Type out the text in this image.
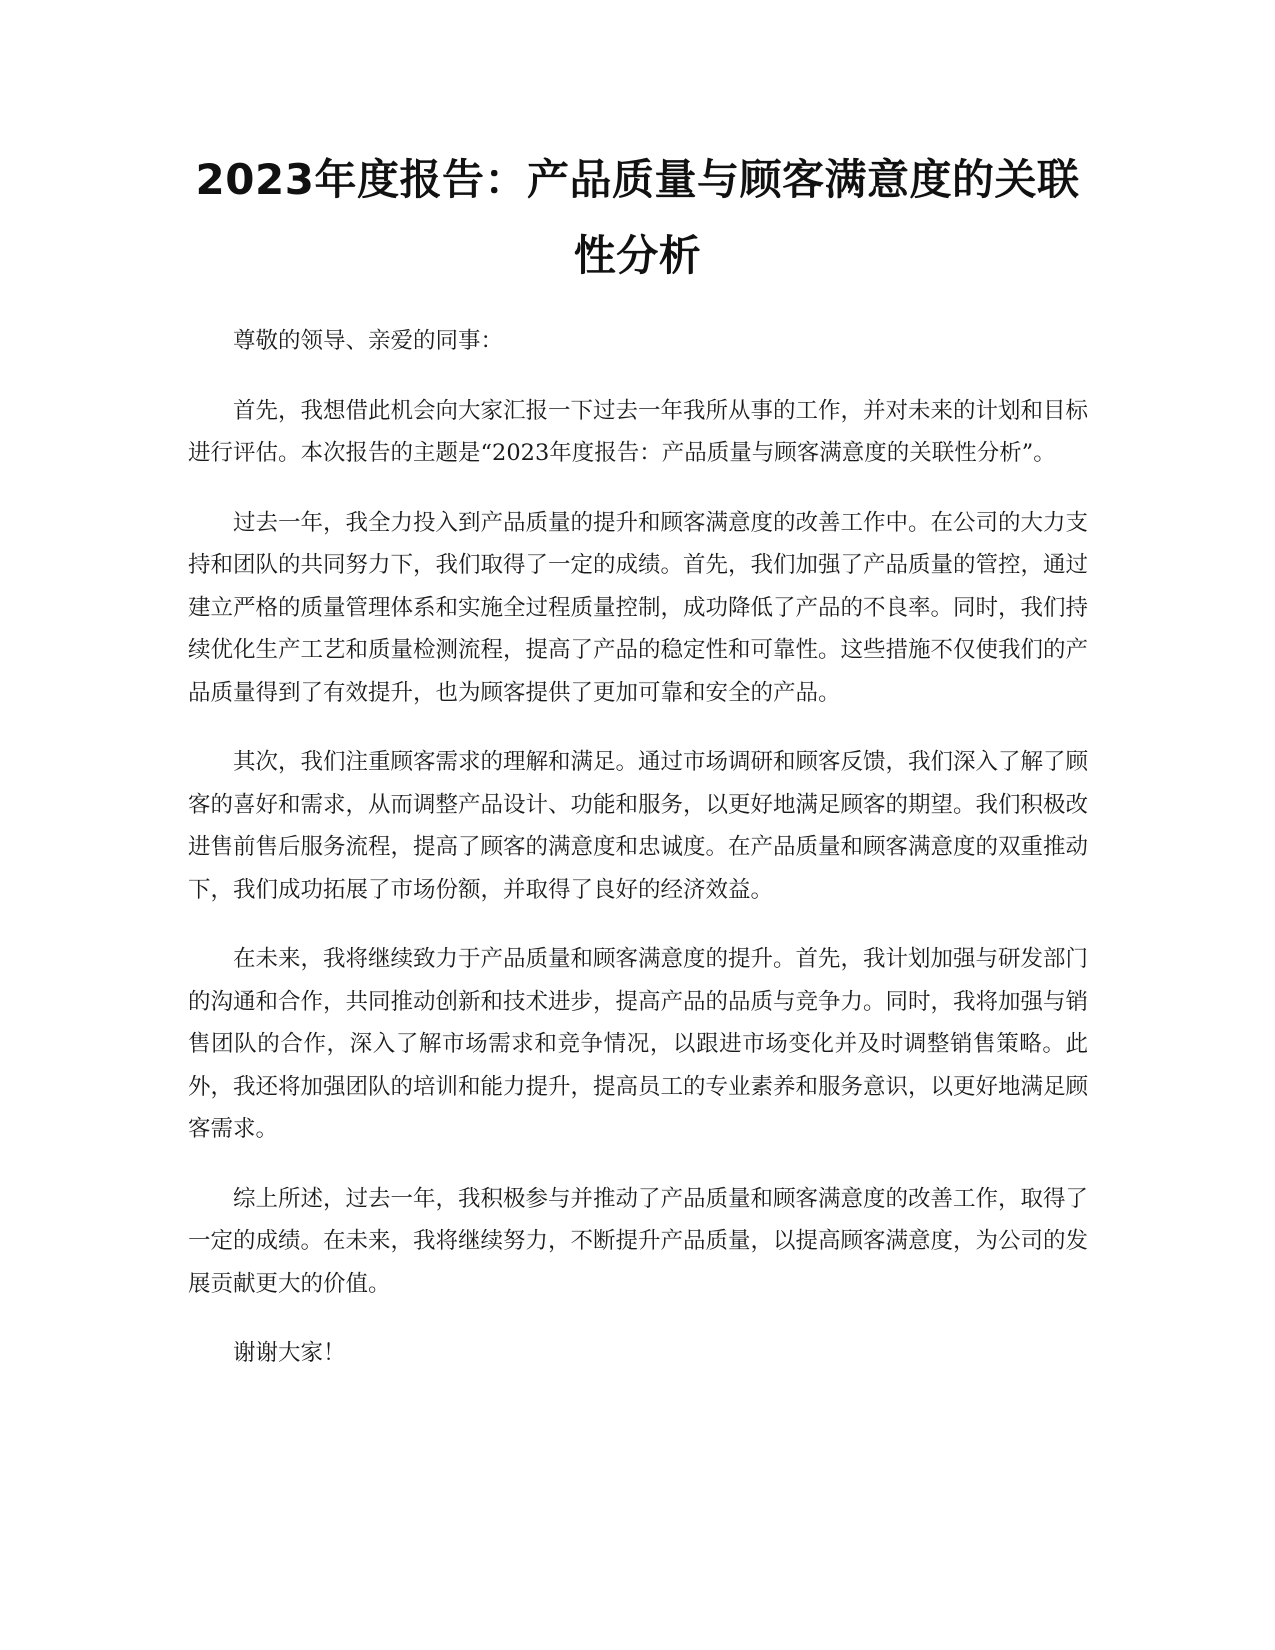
2023年度报告：产品质量与顾客满意度的关联性分析

尊敬的领导、亲爱的同事：

首先，我想借此机会向大家汇报一下过去一年我所从事的工作，并对未来的计划和目标进行评估。本次报告的主题是“2023年度报告：产品质量与顾客满意度的关联性分析”。

过去一年，我全力投入到产品质量的提升和顾客满意度的改善工作中。在公司的大力支持和团队的共同努力下，我们取得了一定的成绩。首先，我们加强了产品质量的管控，通过建立严格的质量管理体系和实施全过程质量控制，成功降低了产品的不良率。同时，我们持续优化生产工艺和质量检测流程，提高了产品的稳定性和可靠性。这些措施不仅使我们的产品质量得到了有效提升，也为顾客提供了更加可靠和安全的产品。

其次，我们注重顾客需求的理解和满足。通过市场调研和顾客反馈，我们深入了解了顾客的喜好和需求，从而调整产品设计、功能和服务，以更好地满足顾客的期望。我们积极改进售前售后服务流程，提高了顾客的满意度和忠诚度。在产品质量和顾客满意度的双重推动下，我们成功拓展了市场份额，并取得了良好的经济效益。

在未来，我将继续致力于产品质量和顾客满意度的提升。首先，我计划加强与研发部门的沟通和合作，共同推动创新和技术进步，提高产品的品质与竞争力。同时，我将加强与销售团队的合作，深入了解市场需求和竞争情况，以跟进市场变化并及时调整销售策略。此外，我还将加强团队的培训和能力提升，提高员工的专业素养和服务意识，以更好地满足顾客需求。

综上所述，过去一年，我积极参与并推动了产品质量和顾客满意度的改善工作，取得了一定的成绩。在未来，我将继续努力，不断提升产品质量，以提高顾客满意度，为公司的发展贡献更大的价值。

谢谢大家！
